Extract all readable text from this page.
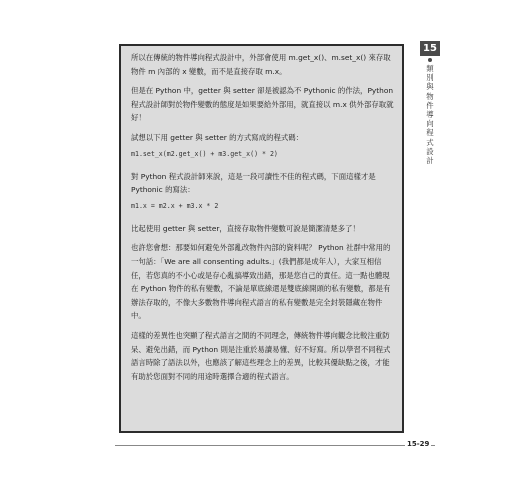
所以在傳統的物件導向程式設計中，外部會使用 m.get_x()、m.set_x() 來存取物件 m 內部的 x 變數，而不是直接存取 m.x。

但是在 Python 中，getter 與 setter 卻是被認為不 Pythonic 的作法，Python 程式設計師對於物件變數的態度是如果要給外部用，就直接以 m.x 供外部存取就好！

試想以下用 getter 與 setter 的方式寫成的程式碼：

m1.set_x(m2.get_x() + m3.get_x() * 2)

對 Python 程式設計師來說，這是一段可讀性不佳的程式碼，下面這樣才是 Pythonic 的寫法：

m1.x = m2.x + m3.x * 2

比起使用 getter 與 setter，直接存取物件變數可說是簡潔清楚多了！

也許您會想：那要如何避免外部亂改物件內部的資料呢？ Python 社群中常用的一句話：「We are all consenting adults.」(我們都是成年人），大家互相信任，若您真的不小心或是存心亂搞導致出錯，那是您自己的責任。這一點也體現在 Python 物件的私有變數，不論是單底線還是雙底線開頭的私有變數，都是有辦法存取的，不像大多數物件導向程式語言的私有變數是完全封裝隱藏在物件中。

這樣的差異性也突顯了程式語言之間的不同理念，傳統物件導向觀念比較注重防呆、避免出錯，而 Python 則是注重於易讀易懂、好不好寫。所以學習不同程式語言時除了語法以外，也應該了解這些理念上的差異，比較其優缺點之後，才能有助於您面對不同的用途時選擇合適的程式語言。

15
類別與物件導向程式設計
15-29
